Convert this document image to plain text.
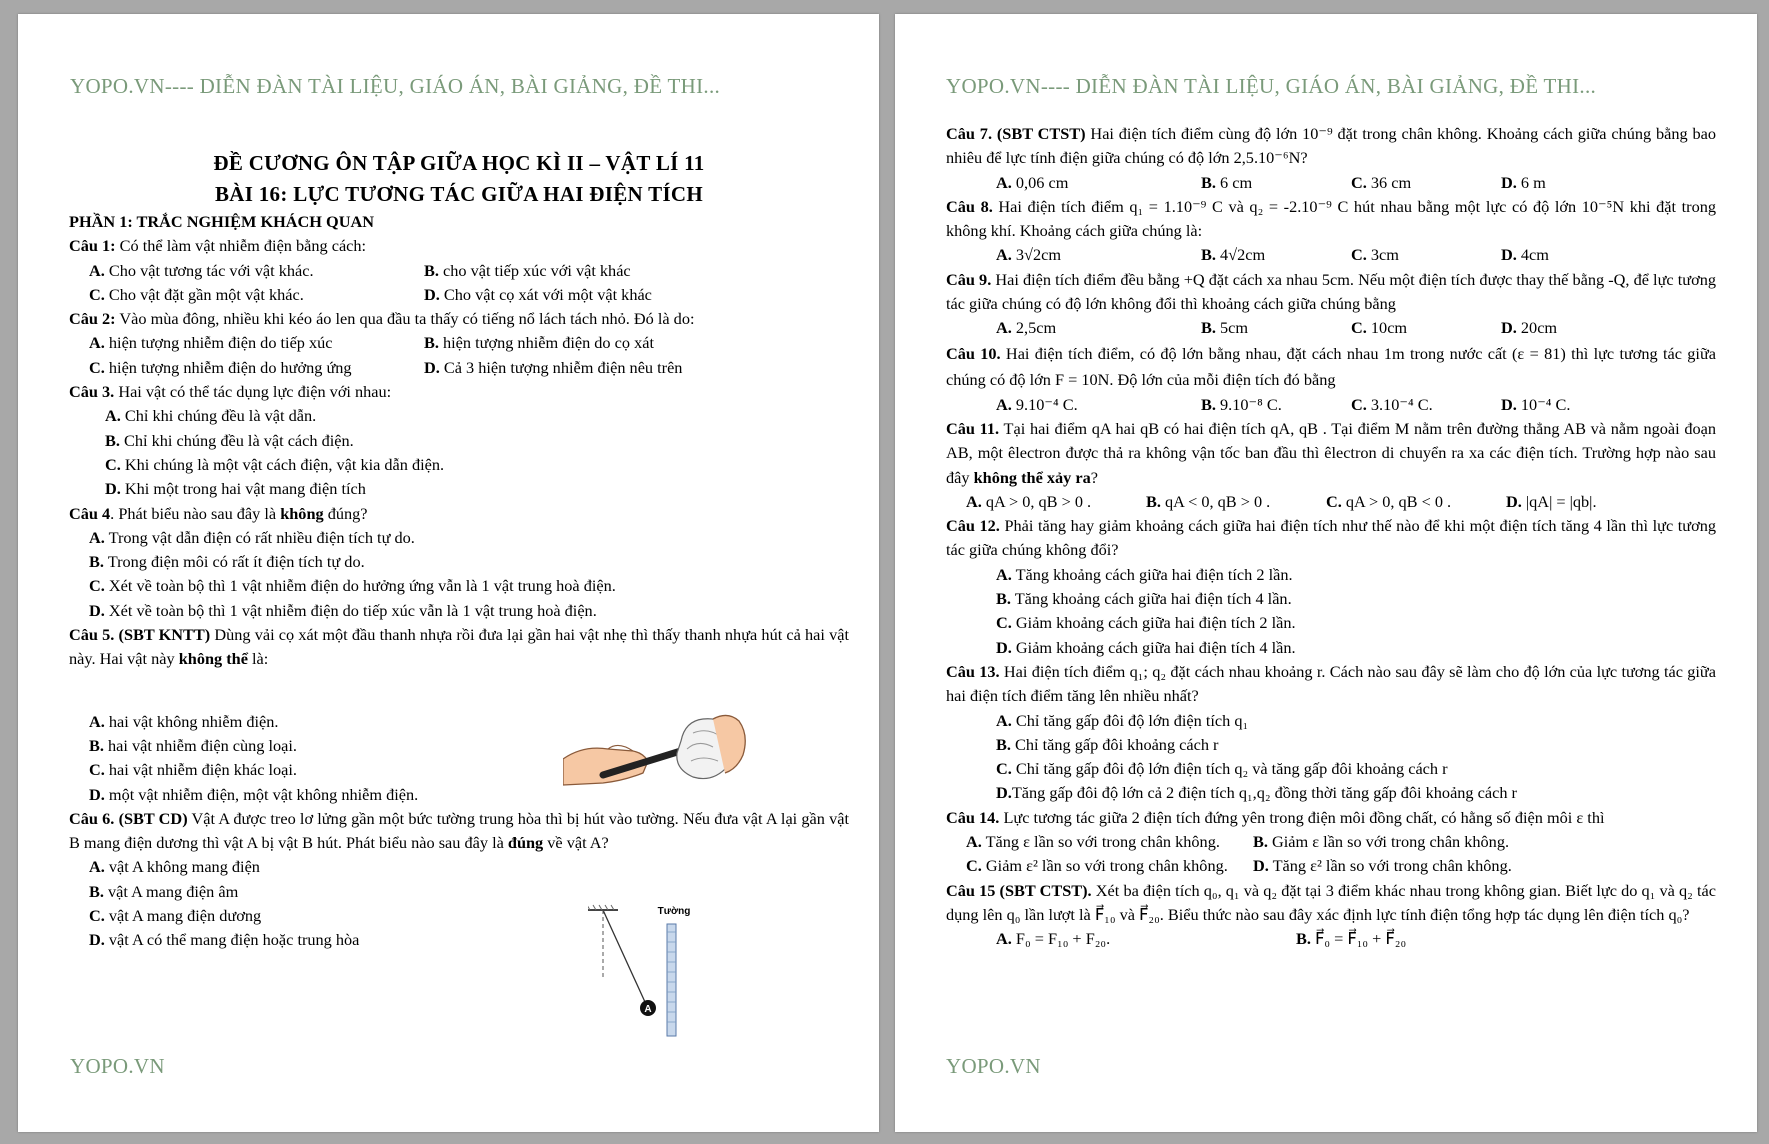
YOPO.VN---- DIỄN ĐÀN TÀI LIỆU, GIÁO ÁN, BÀI GIẢNG, ĐỀ THI...

ĐỀ CƯƠNG ÔN TẬP GIỮA HỌC KÌ II – VẬT LÍ 11

BÀI 16: LỰC TƯƠNG TÁC GIỮA HAI ĐIỆN TÍCH

PHẦN 1: TRẮC NGHIỆM KHÁCH QUAN

Câu 1: Có thể làm vật nhiễm điện bằng cách:

A. Cho vật tương tác với vật khác.	B. cho vật tiếp xúc với vật khác
C. Cho vật đặt gần một vật khác.	D. Cho vật cọ xát với một vật khác

Câu 2: Vào mùa đông, nhiều khi kéo áo len qua đầu ta thấy có tiếng nổ lách tách nhỏ. Đó là do:

A. hiện tượng nhiễm điện do tiếp xúc	B. hiện tượng nhiễm điện do cọ xát
C. hiện tượng nhiễm điện do hưởng ứng	D. Cả 3 hiện tượng nhiễm điện nêu trên

Câu 3. Hai vật có thể tác dụng lực điện với nhau:

A. Chỉ khi chúng đều là vật dẫn.
B. Chỉ khi chúng đều là vật cách điện.
C. Khi chúng là một vật cách điện, vật kia dẫn điện.
D. Khi một trong hai vật mang điện tích

Câu 4. Phát biểu nào sau đây là không đúng?

A. Trong vật dẫn điện có rất nhiều điện tích tự do.
B. Trong điện môi có rất ít điện tích tự do.
C. Xét về toàn bộ thì 1 vật nhiễm điện do hưởng ứng vẫn là 1 vật trung hoà điện.
D. Xét về toàn bộ thì 1 vật nhiễm điện do tiếp xúc vẫn là 1 vật trung hoà điện.

Câu 5. (SBT KNTT) Dùng vải cọ xát một đầu thanh nhựa rồi đưa lại gần hai vật nhẹ thì thấy thanh nhựa hút cả hai vật này. Hai vật này không thể là:

A. hai vật không nhiễm điện.
B. hai vật nhiễm điện cùng loại.
C. hai vật nhiễm điện khác loại.
D. một vật nhiễm điện, một vật không nhiễm điện.

Câu 6. (SBT CD) Vật A được treo lơ lửng gần một bức tường trung hòa thì bị hút vào tường. Nếu đưa vật A lại gần vật B mang điện dương thì vật A bị vật B hút. Phát biểu nào sau đây là đúng về vật A?

A. vật A không mang điện
B. vật A mang điện âm
C. vật A mang điện dương
D. vật A có thể mang điện hoặc trung hòa
A
Tường
YOPO.VN
YOPO.VN---- DIỄN ĐÀN TÀI LIỆU, GIÁO ÁN, BÀI GIẢNG, ĐỀ THI...

Câu 7. (SBT CTST) Hai điện tích điểm cùng độ lớn 10⁻⁹ đặt trong chân không. Khoảng cách giữa chúng bằng bao nhiêu để lực tính điện giữa chúng có độ lớn 2,5.10⁻⁶N?

A. 0,06 cm	B. 6 cm	C. 36 cm	D. 6 m

Câu 8. Hai điện tích điểm q₁ = 1.10⁻⁹ C và q₂ = -2.10⁻⁹ C hút nhau bằng một lực có độ lớn 10⁻⁵N khi đặt trong không khí. Khoảng cách giữa chúng là:

A. 3√2cm	B. 4√2cm	C. 3cm	D. 4cm

Câu 9. Hai điện tích điểm đều bằng +Q đặt cách xa nhau 5cm. Nếu một điện tích được thay thế bằng -Q, để lực tương tác giữa chúng có độ lớn không đổi thì khoảng cách giữa chúng bằng

A. 2,5cm	B. 5cm	C. 10cm	D. 20cm

Câu 10. Hai điện tích điểm, có độ lớn bằng nhau, đặt cách nhau 1m trong nước cất (ε = 81) thì lực tương tác giữa chúng có độ lớn F = 10N. Độ lớn của mỗi điện tích đó bằng

A. 9.10⁻⁴ C.	B. 9.10⁻⁸ C.	C. 3.10⁻⁴ C.	D. 10⁻⁴ C.

Câu 11. Tại hai điểm qA hai qB có hai điện tích qA, qB . Tại điểm M nằm trên đường thẳng AB và nằm ngoài đoạn AB, một êlectron được thả ra không vận tốc ban đầu thì êlectron di chuyển ra xa các điện tích. Trường hợp nào sau đây không thể xảy ra?

A. qA > 0, qB > 0 .	B. qA < 0, qB > 0 .	C. qA > 0, qB < 0 .	D. |qA| = |qb|.

Câu 12. Phải tăng hay giảm khoảng cách giữa hai điện tích như thế nào để khi một điện tích tăng 4 lần thì lực tương tác giữa chúng không đổi?

A. Tăng khoảng cách giữa hai điện tích 2 lần.
B. Tăng khoảng cách giữa hai điện tích 4 lần.
C. Giảm khoảng cách giữa hai điện tích 2 lần.
D. Giảm khoảng cách giữa hai điện tích 4 lần.

Câu 13. Hai điện tích điểm q₁; q₂ đặt cách nhau khoảng r. Cách nào sau đây sẽ làm cho độ lớn của lực tương tác giữa hai điện tích điểm tăng lên nhiều nhất?

A. Chỉ tăng gấp đôi độ lớn điện tích q₁
B. Chỉ tăng gấp đôi khoảng cách r
C. Chỉ tăng gấp đôi độ lớn điện tích q₂ và tăng gấp đôi khoảng cách r
D.Tăng gấp đôi độ lớn cả 2 điện tích q₁,q₂ đồng thời tăng gấp đôi khoảng cách r

Câu 14. Lực tương tác giữa 2 điện tích đứng yên trong điện môi đồng chất, có hằng số điện môi ε thì

A. Tăng ε lần so với trong chân không.	B. Giảm ε lần so với trong chân không.
C. Giảm ε² lần so với trong chân không.	D. Tăng ε² lần so với trong chân không.

Câu 15 (SBT CTST). Xét ba điện tích q₀, q₁ và q₂ đặt tại 3 điểm khác nhau trong không gian. Biết lực do q₁ và q₂ tác dụng lên q₀ lần lượt là F⃗₁₀ và F⃗₂₀. Biểu thức nào sau đây xác định lực tính điện tổng hợp tác dụng lên điện tích q₀?

A. F₀ = F₁₀ + F₂₀.	B. F⃗₀ = F⃗₁₀ + F⃗₂₀
YOPO.VN
